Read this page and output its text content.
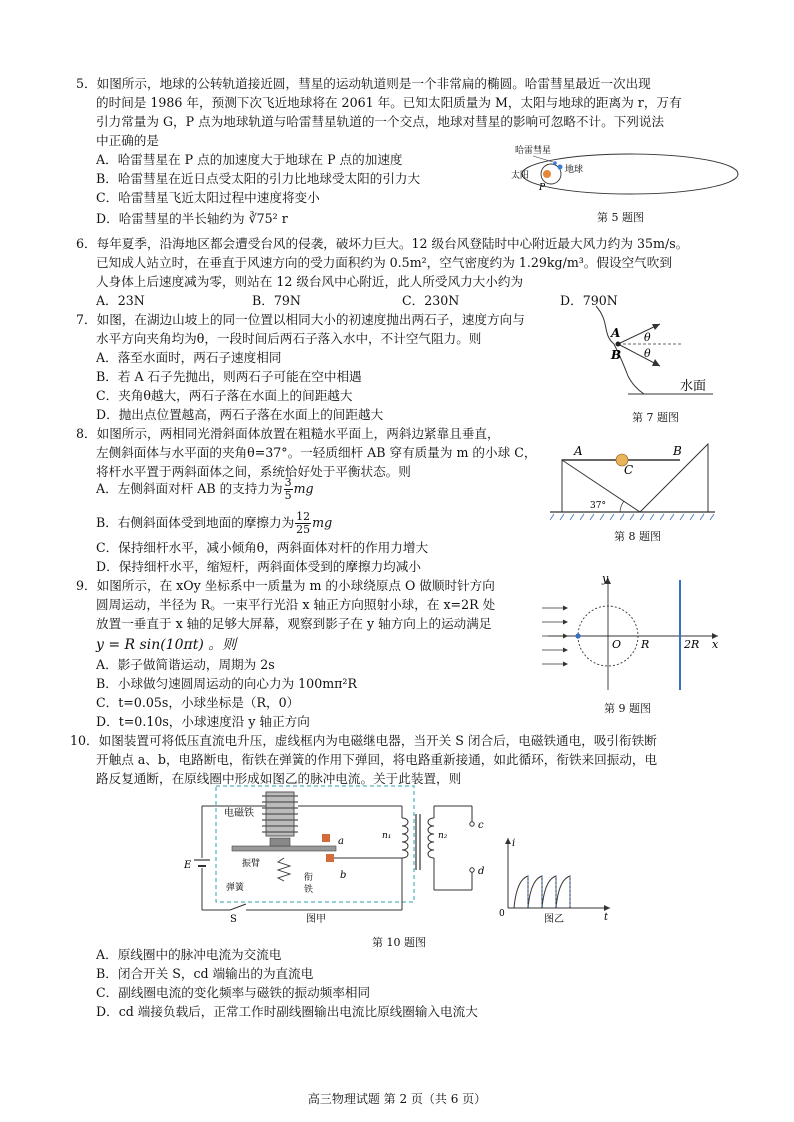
5．如图所示，地球的公转轨道接近圆，彗星的运动轨道则是一个非常扁的椭圆。哈雷彗星最近一次出现
的时间是 1986 年，预测下次飞近地球将在 2061 年。已知太阳质量为 M，太阳与地球的距离为 r，万有
引力常量为 G，P 点为地球轨道与哈雷彗星轨道的一个交点，地球对彗星的影响可忽略不计。下列说法
中正确的是
A．哈雷彗星在 P 点的加速度大于地球在 P 点的加速度
B．哈雷彗星在近日点受太阳的引力比地球受太阳的引力大
C．哈雷彗星飞近太阳过程中速度将变小
D．哈雷彗星的半长轴约为 ∛75² r
哈雷彗星
地球
太阳
P
第 5 题图
6．每年夏季，沿海地区都会遭受台风的侵袭，破坏力巨大。12 级台风登陆时中心附近最大风力约为 35m/s。
已知成人站立时，在垂直于风速方向的受力面积约为 0.5m²，空气密度约为 1.29kg/m³。假设空气吹到
人身体上后速度减为零，则站在 12 级台风中心附近，此人所受风力大小约为
A．23N	B．79N	C．230N	D．790N
7．如图，在湖边山坡上的同一位置以相同大小的初速度抛出两石子，速度方向与
水平方向夹角均为θ，一段时间后两石子落入水中，不计空气阻力。则
A．落至水面时，两石子速度相同
B．若 A 石子先抛出，则两石子可能在空中相遇
C．夹角θ越大，两石子落在水面上的间距越大
D．抛出点位置越高，两石子落在水面上的间距越大
A
B
θ
θ
水面
第 7 题图
8．如图所示，两相同光滑斜面体放置在粗糙水平面上，两斜边紧靠且垂直，
左侧斜面体与水平面的夹角θ=37°。一轻质细杆 AB 穿有质量为 m 的小球 C，
将杆水平置于两斜面体之间，系统恰好处于平衡状态。则
A．左侧斜面对杆 AB 的支持力为 $\frac{3}{5}$ mg
B．右侧斜面体受到地面的摩擦力为 $\frac{12}{25}$ mg
C．保持细杆水平，减小倾角θ，两斜面体对杆的作用力增大
D．保持细杆水平，缩短杆，两斜面体受到的摩擦力均减小
A	B
C
37°
第 8 题图
9．如图所示，在 xOy 坐标系中一质量为 m 的小球绕原点 O 做顺时针方向
圆周运动，半径为 R。一束平行光沿 x 轴正方向照射小球，在 x=2R 处
放置一垂直于 x 轴的足够大屏幕，观察到影子在 y 轴方向上的运动满足
y = R sin(10πt) 。则
A．影子做简谐运动，周期为 2s
B．小球做匀速圆周运动的向心力为 100mπ²R
C．t=0.05s，小球坐标是（R，0）
D．t=0.10s，小球速度沿 y 轴正方向
y
x
O R	2R
第 9 题图
10．如图装置可将低压直流电升压，虚线框内为电磁继电器，当开关 S 闭合后，电磁铁通电，吸引衔铁断
开触点 a、b，电路断电，衔铁在弹簧的作用下弹回，将电路重新接通，如此循环，衔铁来回振动，电
路反复通断，在原线圈中形成如图乙的脉冲电流。关于此装置，则
E
S
电磁铁
a
b
振臂
弹簧
衔
铁
n₁	n₂
c
d
图甲
i
t
0	图乙
第 10 题图
A．原线圈中的脉冲电流为交流电
B．闭合开关 S，cd 端输出的为直流电
C．副线圈电流的变化频率与磁铁的振动频率相同
D．cd 端接负载后，正常工作时副线圈输出电流比原线圈输入电流大
高三物理试题 第 2 页（共 6 页）
